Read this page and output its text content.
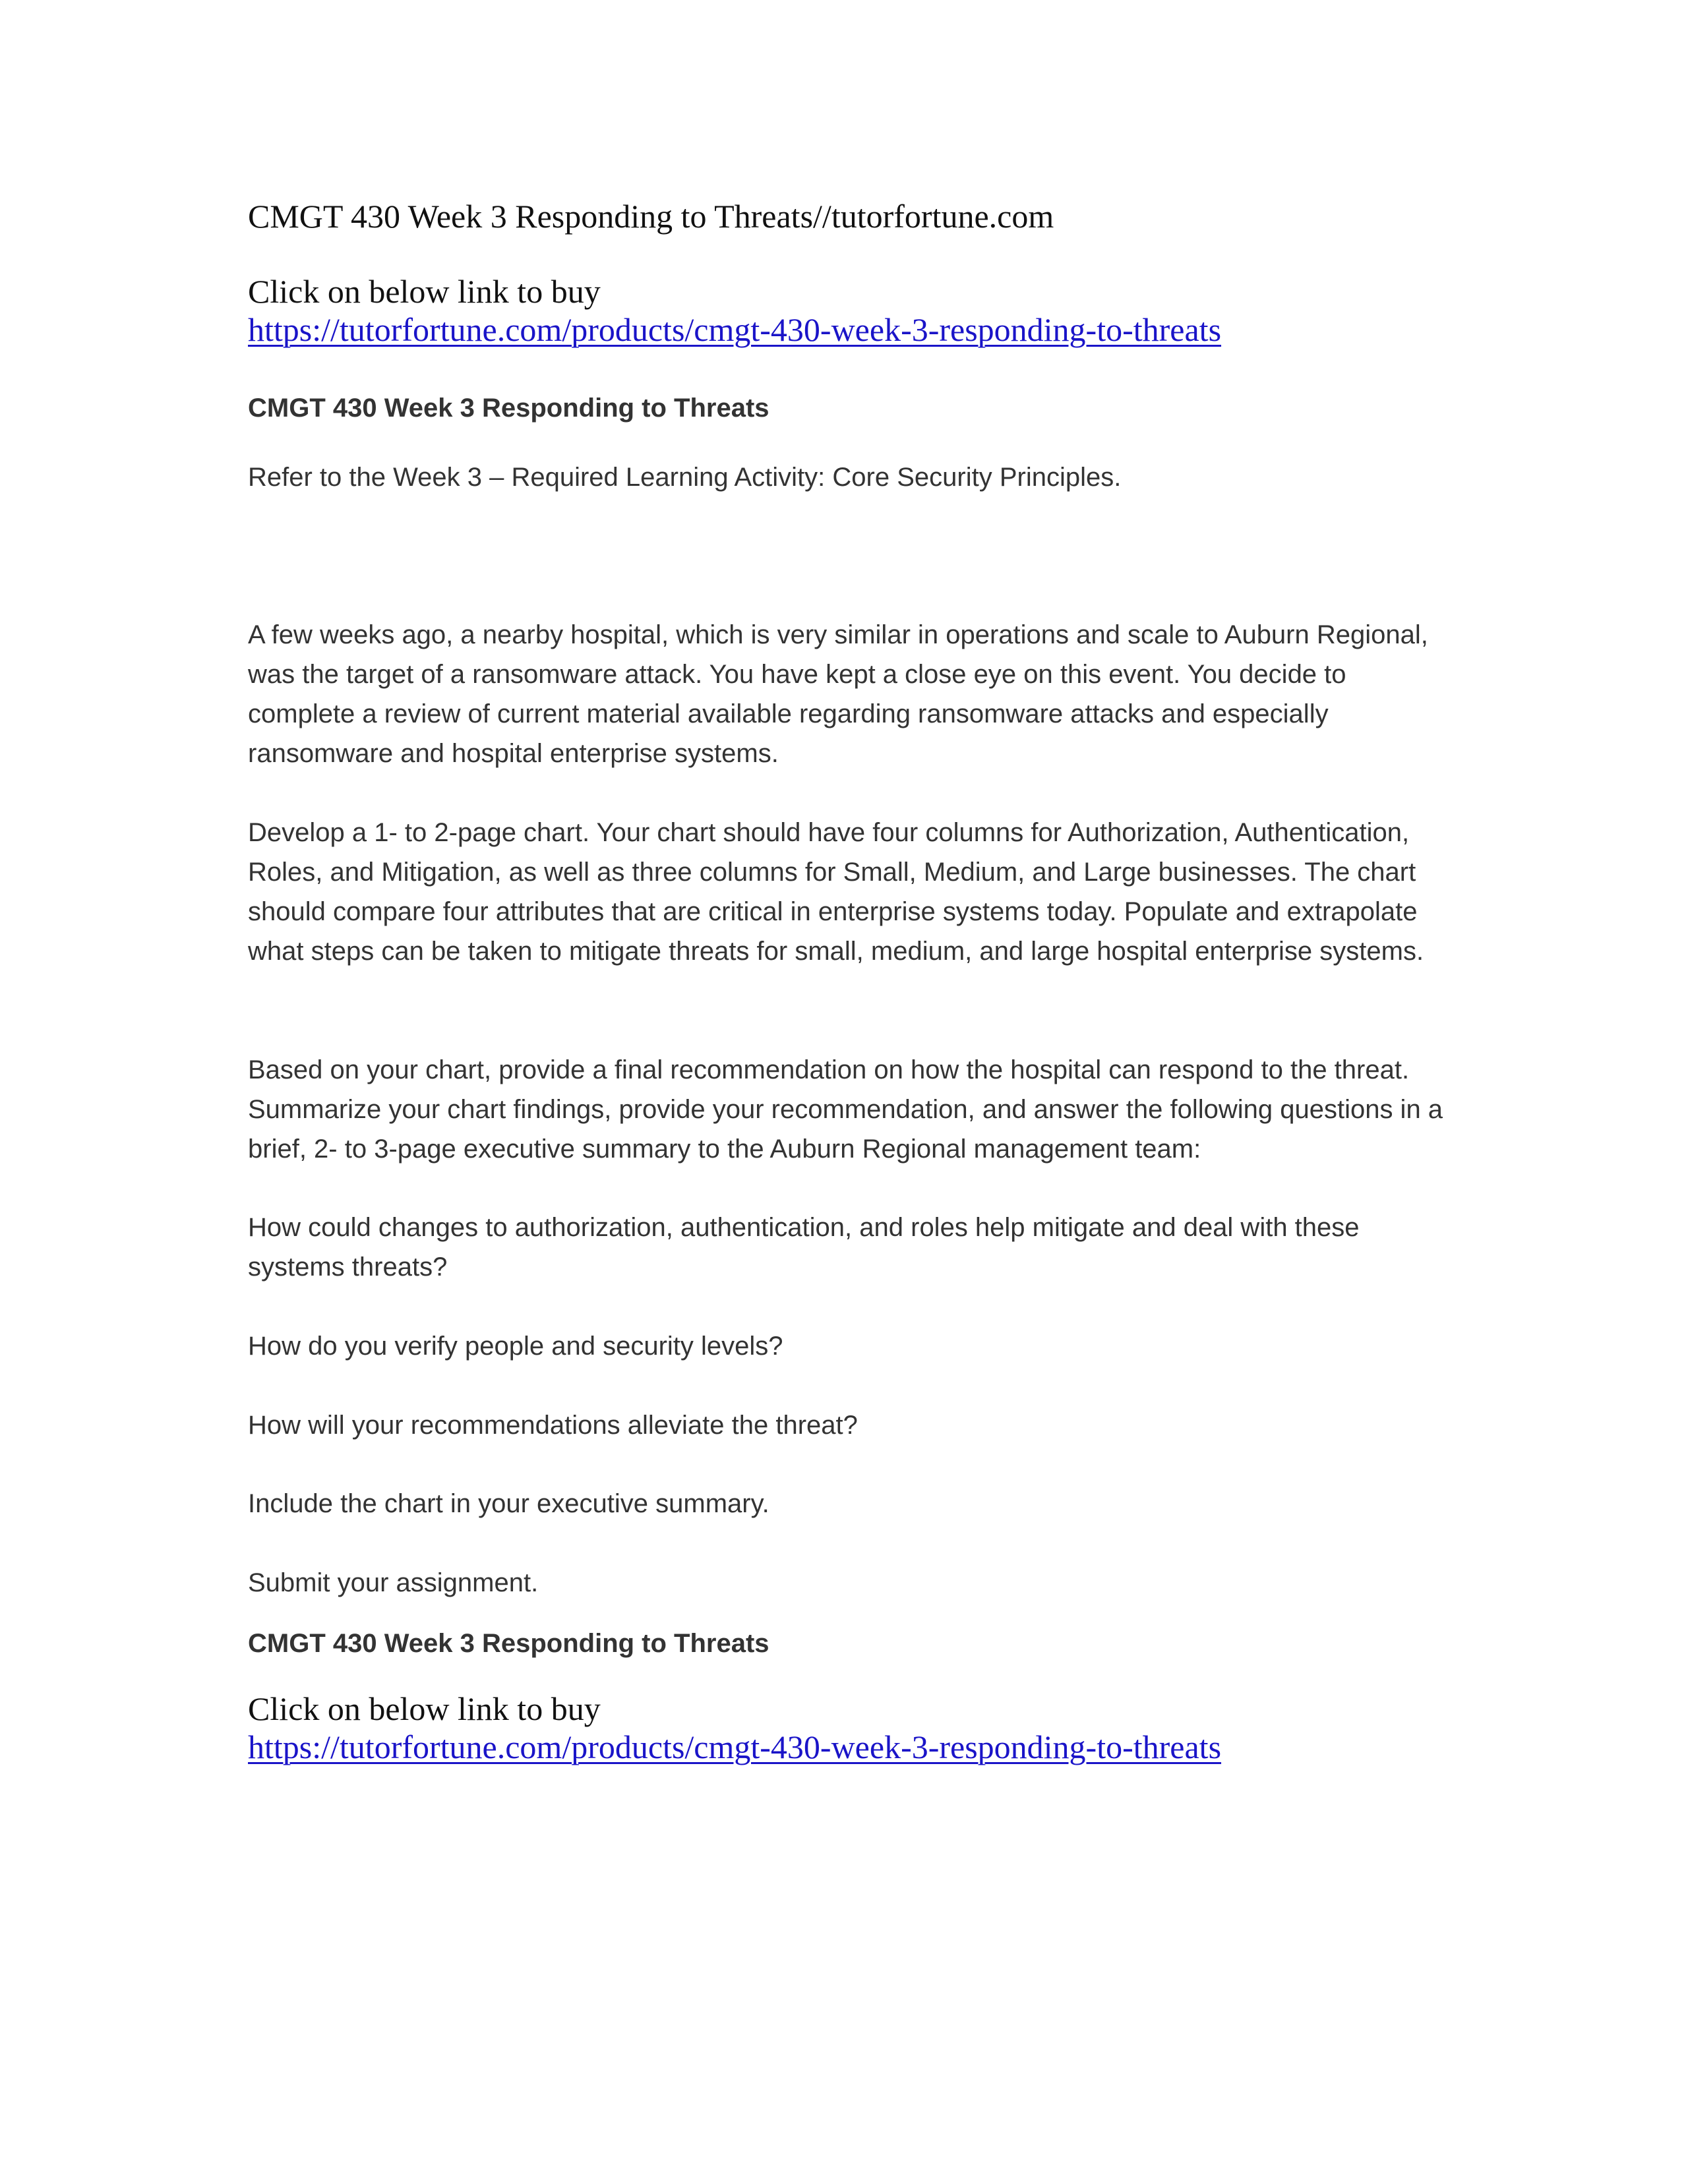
CMGT 430 Week 3 Responding to Threats//tutorfortune.com

Click on below link to buy
https://tutorfortune.com/products/cmgt-430-week-3-responding-to-threats

CMGT 430 Week 3 Responding to Threats

Refer to the Week 3 – Required Learning Activity: Core Security Principles.

A few weeks ago, a nearby hospital, which is very similar in operations and scale to Auburn Regional, was the target of a ransomware attack. You have kept a close eye on this event. You decide to complete a review of current material available regarding ransomware attacks and especially ransomware and hospital enterprise systems.

Develop a 1- to 2-page chart. Your chart should have four columns for Authorization, Authentication, Roles, and Mitigation, as well as three columns for Small, Medium, and Large businesses. The chart should compare four attributes that are critical in enterprise systems today. Populate and extrapolate what steps can be taken to mitigate threats for small, medium, and large hospital enterprise systems.

Based on your chart, provide a final recommendation on how the hospital can respond to the threat. Summarize your chart findings, provide your recommendation, and answer the following questions in a brief, 2- to 3-page executive summary to the Auburn Regional management team:

How could changes to authorization, authentication, and roles help mitigate and deal with these systems threats?

How do you verify people and security levels?

How will your recommendations alleviate the threat?

Include the chart in your executive summary.

Submit your assignment.

CMGT 430 Week 3 Responding to Threats

Click on below link to buy
https://tutorfortune.com/products/cmgt-430-week-3-responding-to-threats
